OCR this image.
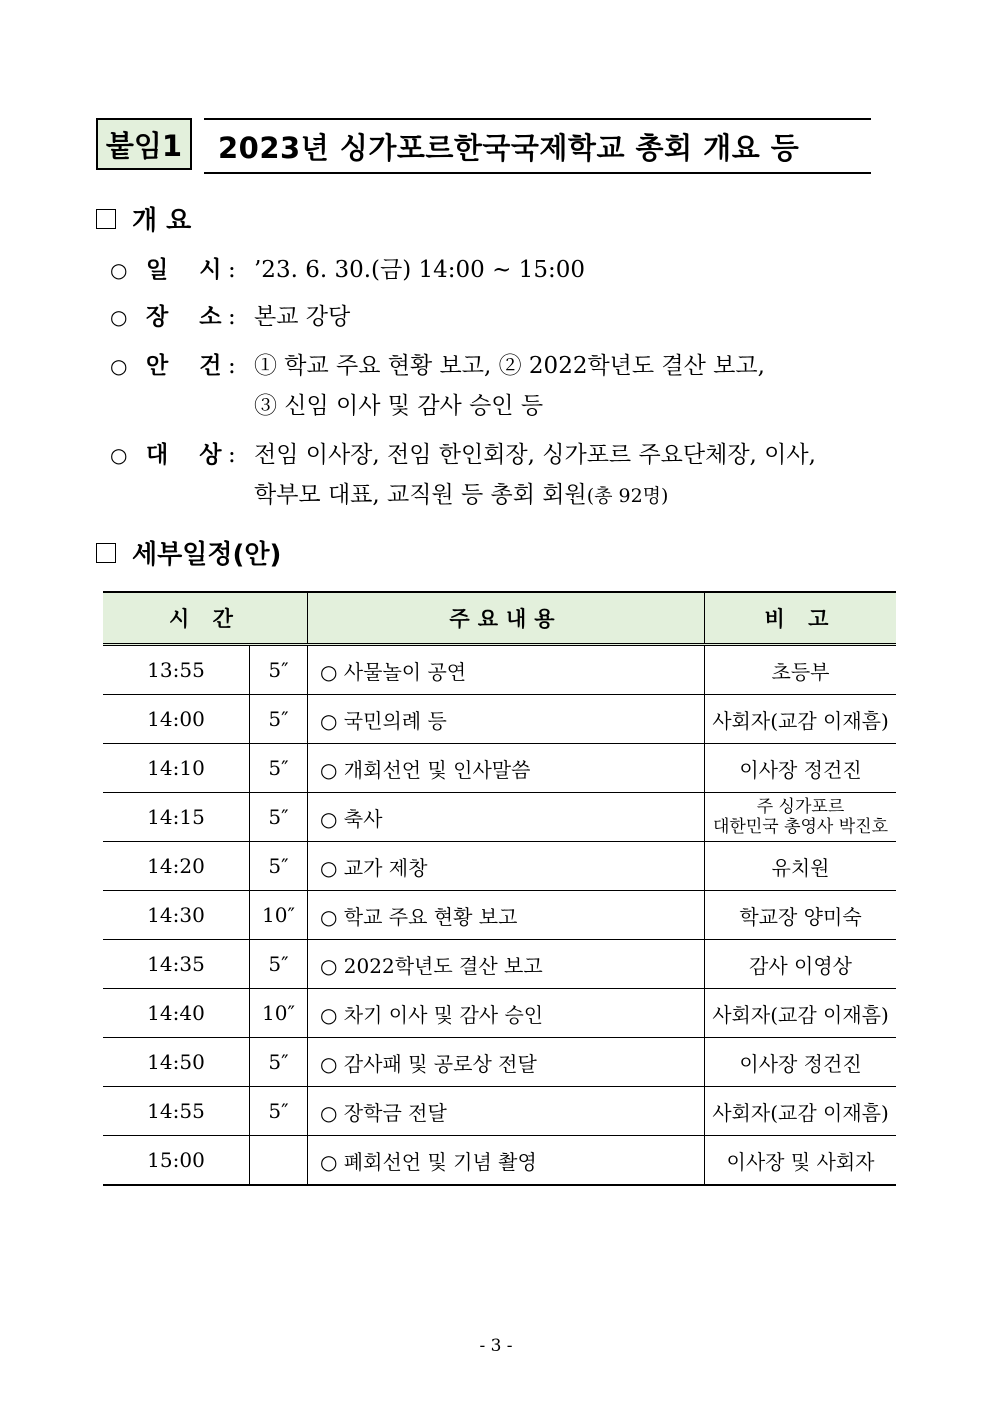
붙임1	2023년 싱가포르한국국제학교 총회 개요 등
개 요
○ 일　 시 : ’23. 6. 30.(금) 14:00 ~ 15:00
○ 장　 소 : 본교 강당
○ 안　 건 : ① 학교 주요 현황 보고, ② 2022학년도 결산 보고,
③ 신임 이사 및 감사 승인 등
○ 대　 상 : 전임 이사장, 전임 한인회장, 싱가포르 주요단체장, 이사,
학부모 대표, 교직원 등 총회 회원(총 92명)
세부일정(안)
시 간		주요내용	비 고
13:55	5″	○ 사물놀이 공연	초등부
14:00	5″	○ 국민의례 등	사회자(교감 이재흠)
14:10	5″	○ 개회선언 및 인사말씀	이사장 정건진
14:15	5″	○ 축사	주 싱가포르
대한민국 총영사 박진호

14:20	5″	○ 교가 제창	유치원
14:30	10″	○ 학교 주요 현황 보고	학교장 양미숙
14:35	5″	○ 2022학년도 결산 보고	감사 이영상
14:40	10″	○ 차기 이사 및 감사 승인	사회자(교감 이재흠)
14:50	5″	○ 감사패 및 공로상 전달	이사장 정건진
14:55	5″	○ 장학금 전달	사회자(교감 이재흠)
15:00		○ 폐회선언 및 기념 촬영	이사장 및 사회자
- 3 -
